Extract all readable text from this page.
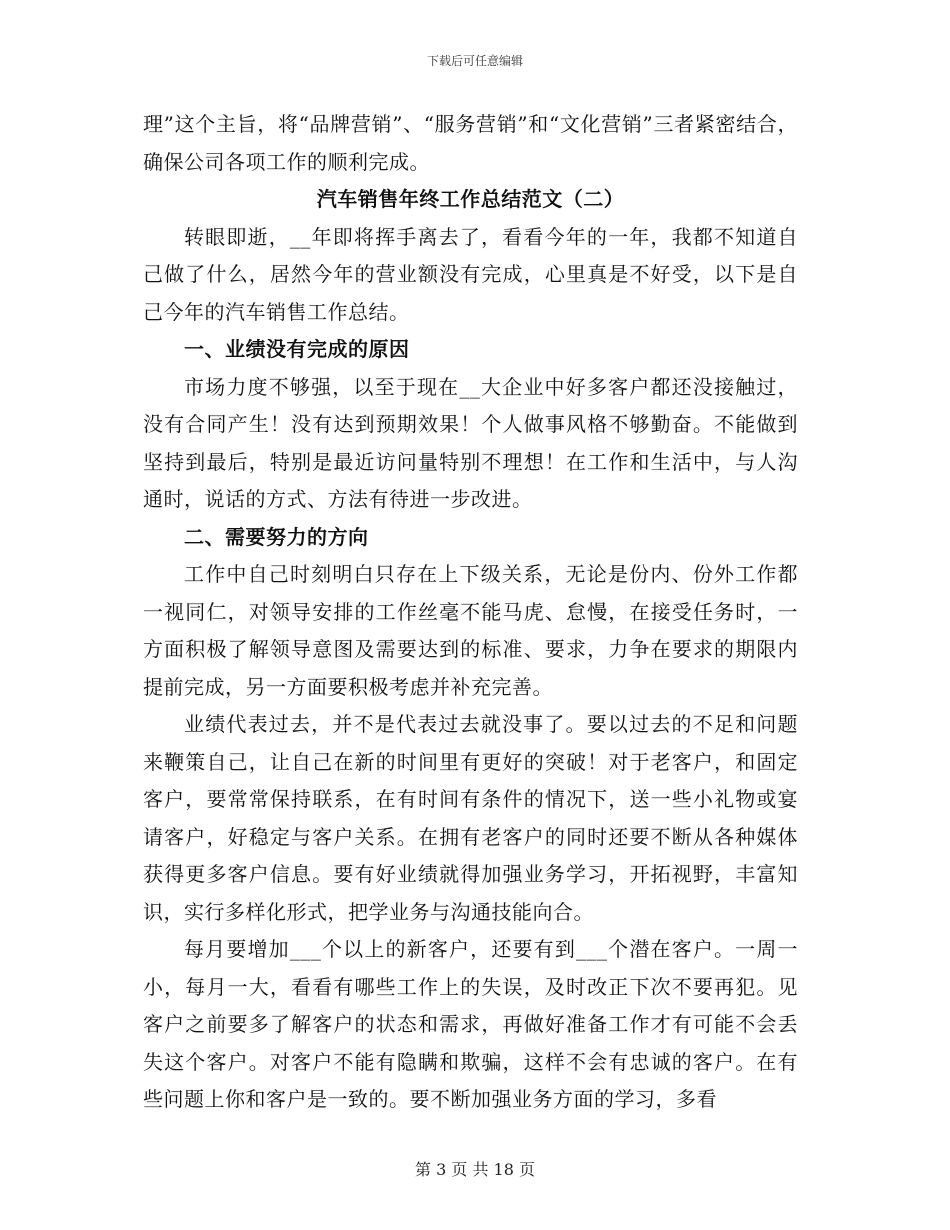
下载后可任意编辑

理”这个主旨，将“品牌营销”、“服务营销”和“文化营销”三者紧密结合，确保公司各项工作的顺利完成。

汽车销售年终工作总结范文（二）

转眼即逝，__年即将挥手离去了，看看今年的一年，我都不知道自己做了什么，居然今年的营业额没有完成，心里真是不好受，以下是自己今年的汽车销售工作总结。

一、业绩没有完成的原因

市场力度不够强，以至于现在__大企业中好多客户都还没接触过，没有合同产生！没有达到预期效果！个人做事风格不够勤奋。不能做到坚持到最后，特别是最近访问量特别不理想！在工作和生活中，与人沟通时，说话的方式、方法有待进一步改进。

二、需要努力的方向

工作中自己时刻明白只存在上下级关系，无论是份内、份外工作都一视同仁，对领导安排的工作丝毫不能马虎、怠慢，在接受任务时，一方面积极了解领导意图及需要达到的标准、要求，力争在要求的期限内提前完成，另一方面要积极考虑并补充完善。

业绩代表过去，并不是代表过去就没事了。要以过去的不足和问题来鞭策自己，让自己在新的时间里有更好的突破！对于老客户，和固定客户，要常常保持联系，在有时间有条件的情况下，送一些小礼物或宴请客户，好稳定与客户关系。在拥有老客户的同时还要不断从各种媒体获得更多客户信息。要有好业绩就得加强业务学习，开拓视野，丰富知识，实行多样化形式，把学业务与沟通技能向合。

每月要增加___个以上的新客户，还要有到___个潜在客户。一周一小，每月一大，看看有哪些工作上的失误，及时改正下次不要再犯。见客户之前要多了解客户的状态和需求，再做好准备工作才有可能不会丢失这个客户。对客户不能有隐瞒和欺骗，这样不会有忠诚的客户。在有些问题上你和客户是一致的。要不断加强业务方面的学习，多看

第 3 页 共 18 页
